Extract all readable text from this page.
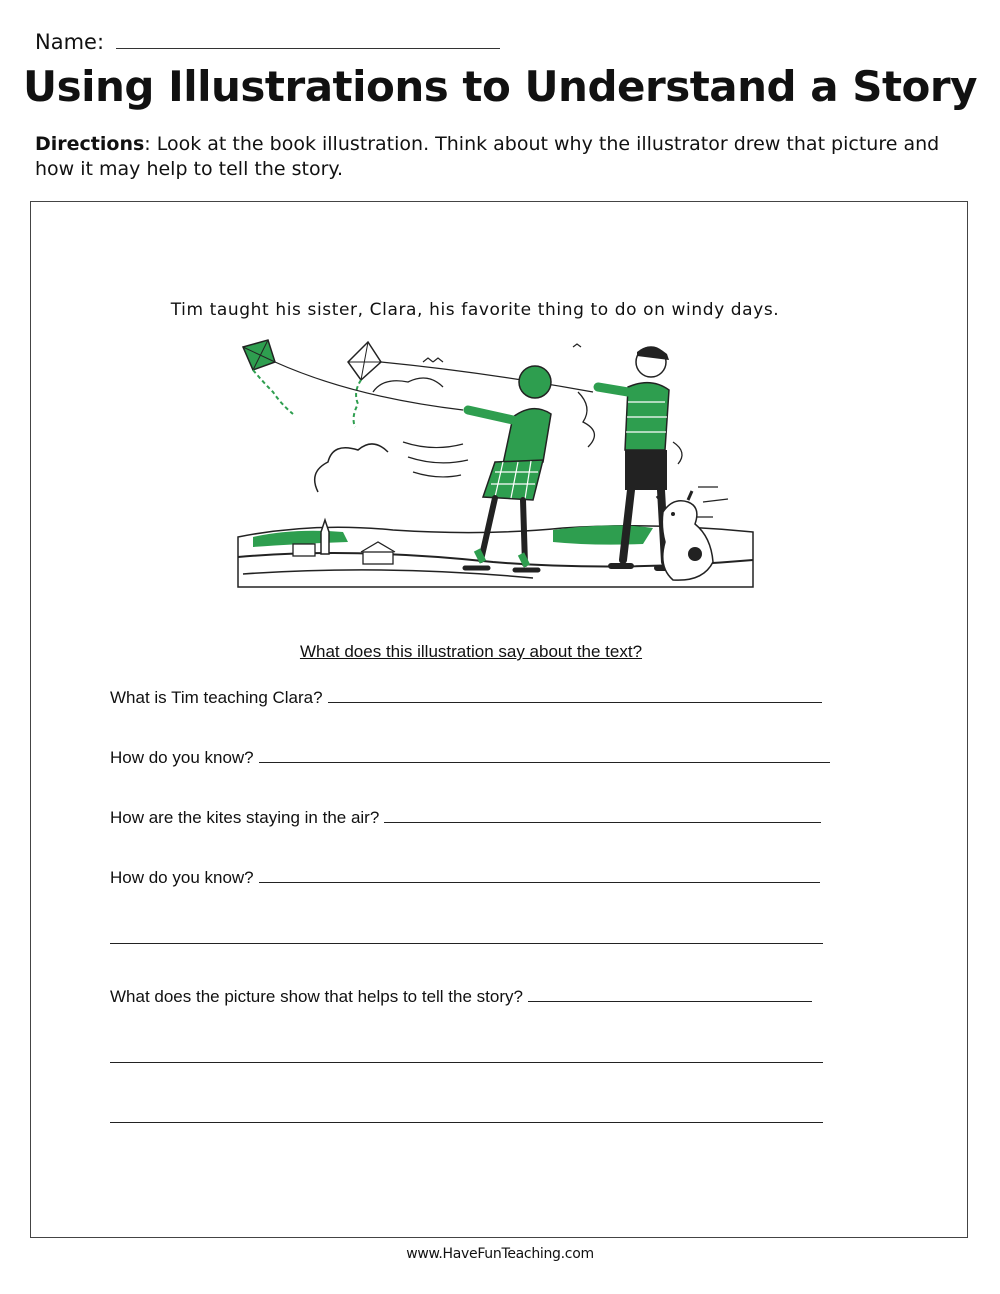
Name:
Using Illustrations to Understand a Story
Directions: Look at the book illustration. Think about why the illustrator drew that picture and how it may help to tell the story.
Tim taught his sister, Clara, his favorite thing to do on windy days.
What does this illustration say about the text?
What is Tim teaching Clara?
How do you know?
How are the kites staying in the air?
How do you know?
What does the picture show that helps to tell the story?
www.HaveFunTeaching.com
